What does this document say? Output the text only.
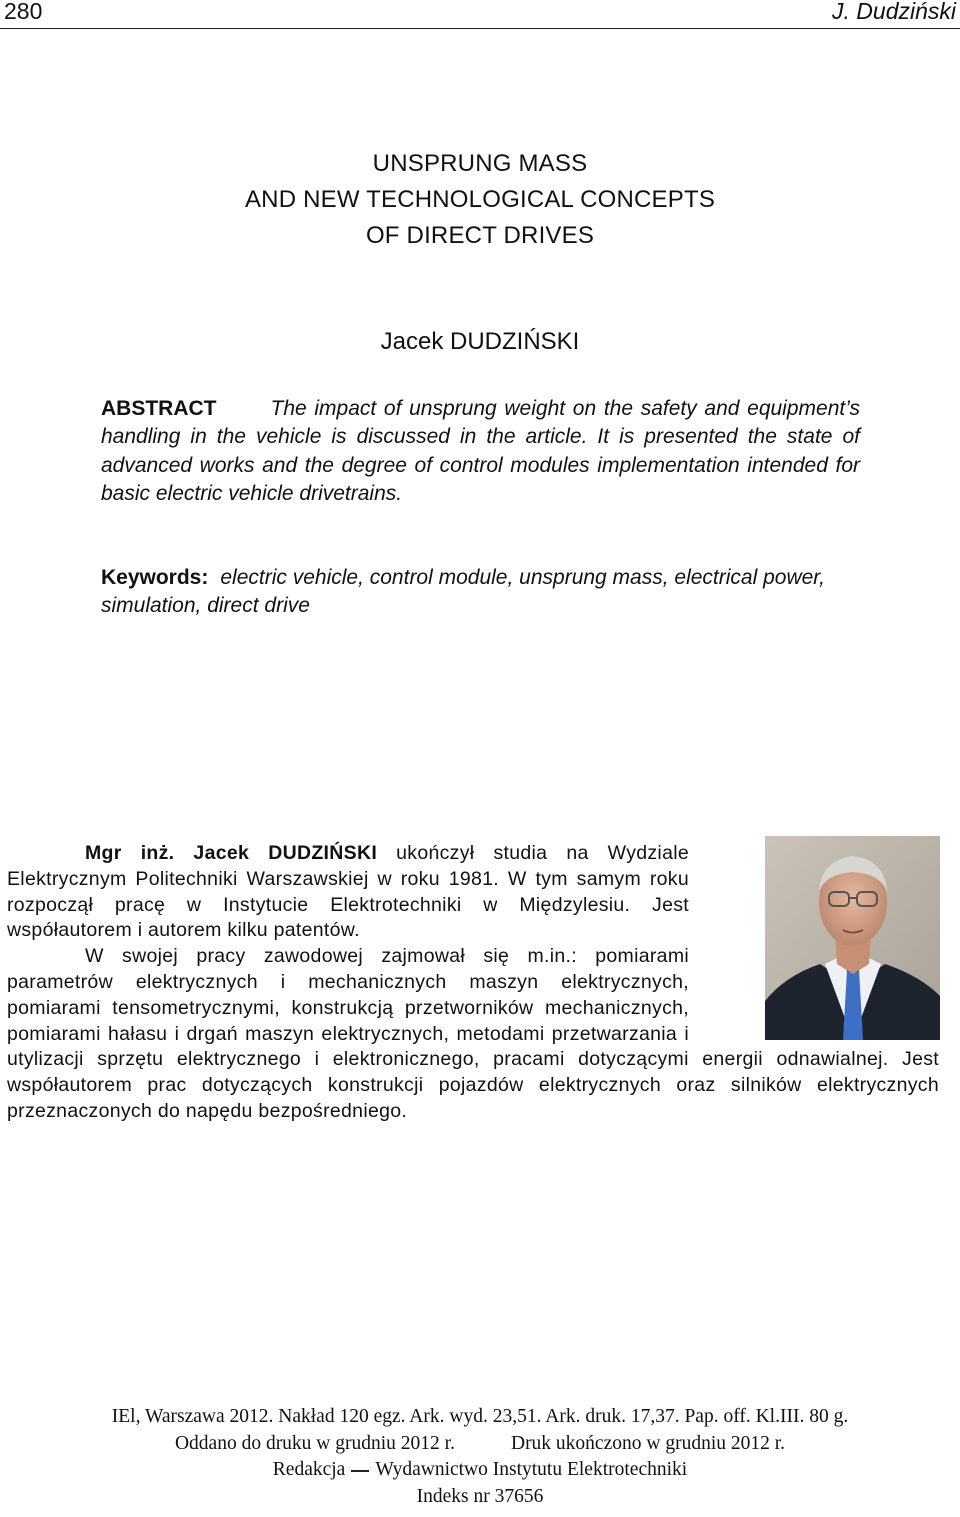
280	J. Dudziński
UNSPRUNG MASS
AND NEW TECHNOLOGICAL CONCEPTS
OF DIRECT DRIVES
Jacek DUDZIŃSKI
ABSTRACT	The impact of unsprung weight on the safety and equipment’s handling in the vehicle is discussed in the article. It is presented the state of advanced works and the degree of control modules implementation intended for basic electric vehicle drivetrains.
Keywords: electric vehicle, control module, unsprung mass, electrical power, simulation, direct drive

Mgr inż. Jacek DUDZIŃSKI ukończył studia na Wydziale Elektrycznym Politechniki Warszawskiej w roku 1981. W tym samym roku rozpoczął pracę w Instytucie Elektrotechniki w Międzylesiu. Jest współautorem i autorem kilku patentów.

W swojej pracy zawodowej zajmował się m.in.: pomiarami parametrów elektrycznych i mechanicznych maszyn elektrycznych, pomiarami tensometrycznymi, konstrukcją przetworników mechanicznych, pomiarami hałasu i drgań maszyn elektrycznych, metodami przetwarzania i utylizacji sprzętu elektrycznego i elektronicznego, pracami dotyczącymi energii odnawialnej. Jest współautorem prac dotyczących konstrukcji pojazdów elektrycznych oraz silników elektrycznych przeznaczonych do napędu bezpośredniego.

IEl, Warszawa 2012. Nakład 120 egz. Ark. wyd. 23,51. Ark. druk. 17,37. Pap. off. Kl.III. 80 g.
Oddano do druku w grudniu 2012 r.	Druk ukończono w grudniu 2012 r.
Redakcja Wydawnictwo Instytutu Elektrotechniki
Indeks nr 37656
